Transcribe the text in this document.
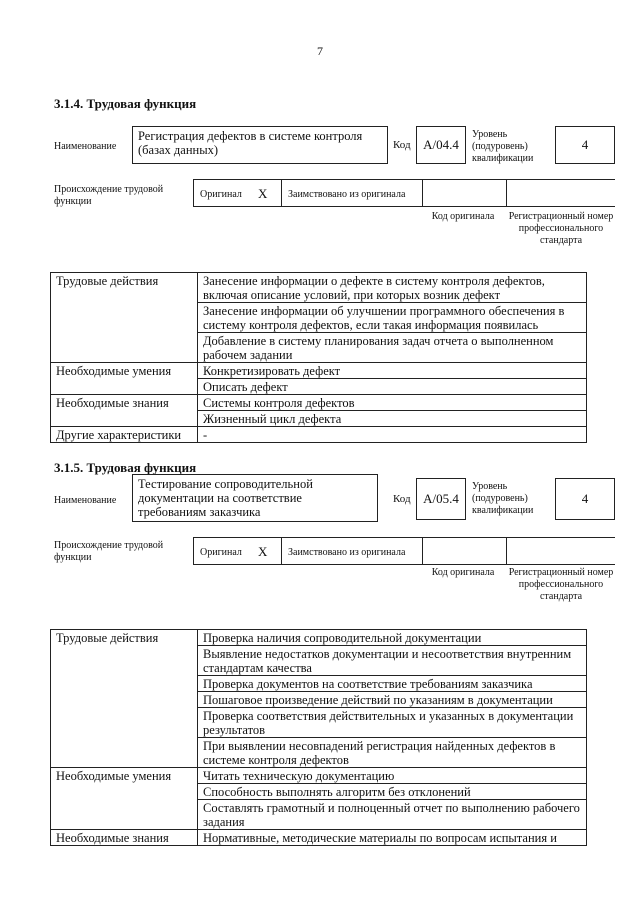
7
3.1.4. Трудовая функция
Наименование
Регистрация дефектов в системе контроля (базах данных)	Код A/04.4
Уровень (подуровень) квалификации
4
Происхождение трудовой функции
Оригинал X Заимствовано из оригинала
Код оригинала	Регистрационный номер профессионального стандарта
Трудовые действия	Занесение информации о дефекте в систему контроля дефектов, включая описание условий, при которых возник дефект
	Занесение информации об улучшении программного обеспечения в систему контроля дефектов, если такая информация появилась
	Добавление в систему планирования задач отчета о выполненном рабочем задании
Необходимые умения	Конкретизировать дефект
	Описать дефект
Необходимые знания	Системы контроля дефектов
	Жизненный цикл дефекта
Другие характеристики	-
3.1.5. Трудовая функция
Наименование
Тестирование сопроводительной документации на соответствие требованиям заказчика
Код A/05.4
Уровень (подуровень) квалификации
4
Происхождение трудовой функции	Оригинал X Заимствовано из оригинала
Код оригинала	Регистрационный номер профессионального стандарта
Трудовые действия	Проверка наличия сопроводительной документации
	Выявление недостатков документации и несоответствия внутренним стандартам качества
	Проверка документов на соответствие требованиям заказчика
	Пошаговое произведение действий по указаниям в документации
	Проверка соответствия действительных и указанных в документации результатов
	При выявлении несовпадений регистрация найденных дефектов в системе контроля дефектов
Необходимые умения	Читать техническую документацию
	Способность выполнять алгоритм без отклонений
	Составлять грамотный и полноценный отчет по выполнению рабочего задания
Необходимые знания	Нормативные, методические материалы по вопросам испытания и
